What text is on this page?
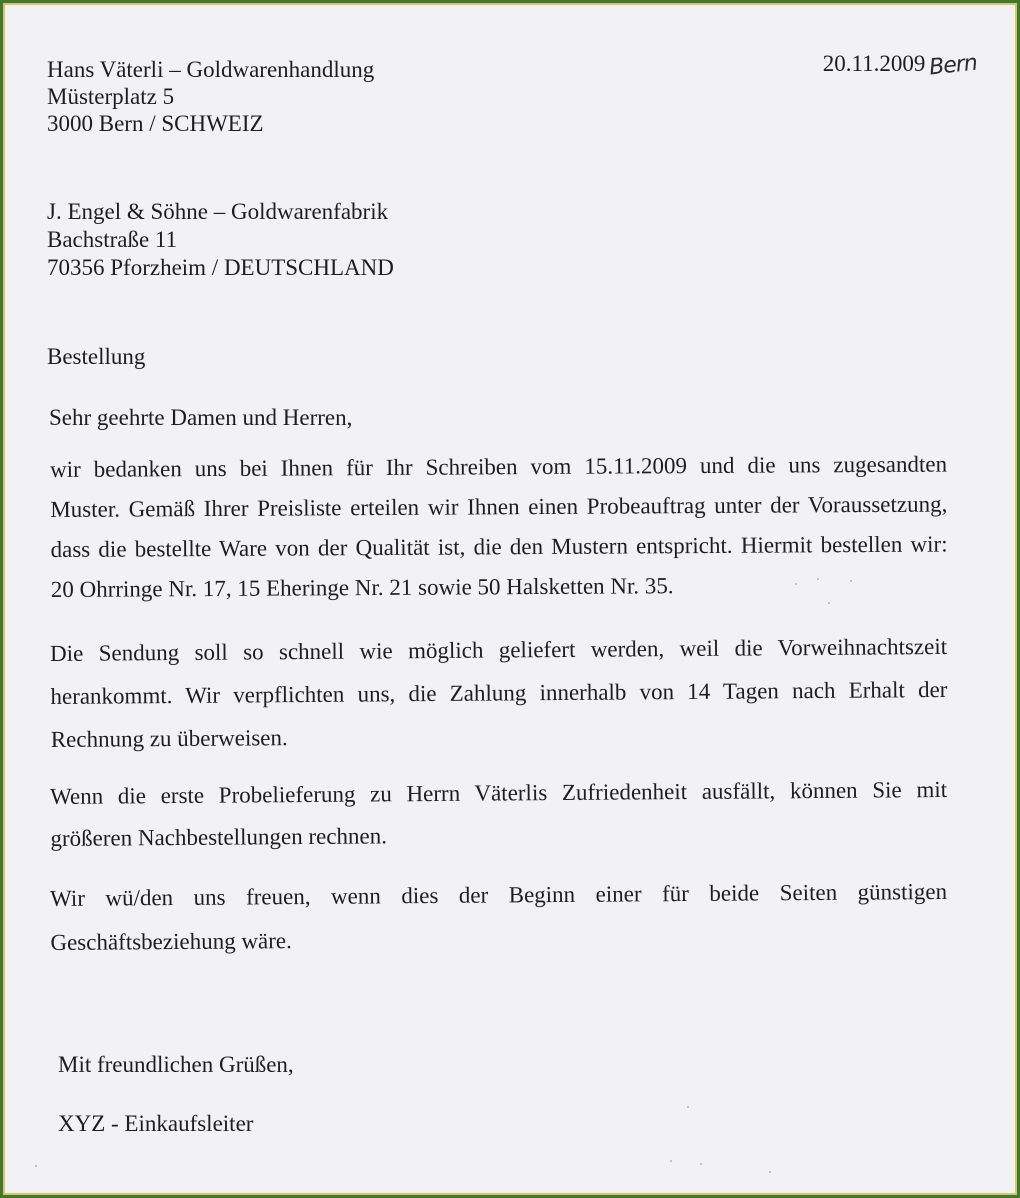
Hans Väterli – Goldwarenhandlung
Müsterplatz 5
3000 Bern / SCHWEIZ
20.11.2009 Bern
J. Engel & Söhne – Goldwarenfabrik
Bachstraße 11
70356 Pforzheim / DEUTSCHLAND
Bestellung
Sehr geehrte Damen und Herren,
wir bedanken uns bei Ihnen für Ihr Schreiben vom 15.11.2009 und die uns zugesandten
Muster. Gemäß Ihrer Preisliste erteilen wir Ihnen einen Probeauftrag unter der Voraussetzung,
dass die bestellte Ware von der Qualität ist, die den Mustern entspricht. Hiermit bestellen wir:
20 Ohrringe Nr. 17, 15 Eheringe Nr. 21 sowie 50 Halsketten Nr. 35.
Die Sendung soll so schnell wie möglich geliefert werden, weil die Vorweihnachtszeit
herankommt. Wir verpflichten uns, die Zahlung innerhalb von 14 Tagen nach Erhalt der
Rechnung zu überweisen.
Wenn die erste Probelieferung zu Herrn Väterlis Zufriedenheit ausfällt, können Sie mit
größeren Nachbestellungen rechnen.
Wir wü/den uns freuen, wenn dies der Beginn einer für beide Seiten günstigen
Geschäftsbeziehung wäre.
Mit freundlichen Grüßen,
XYZ - Einkaufsleiter
